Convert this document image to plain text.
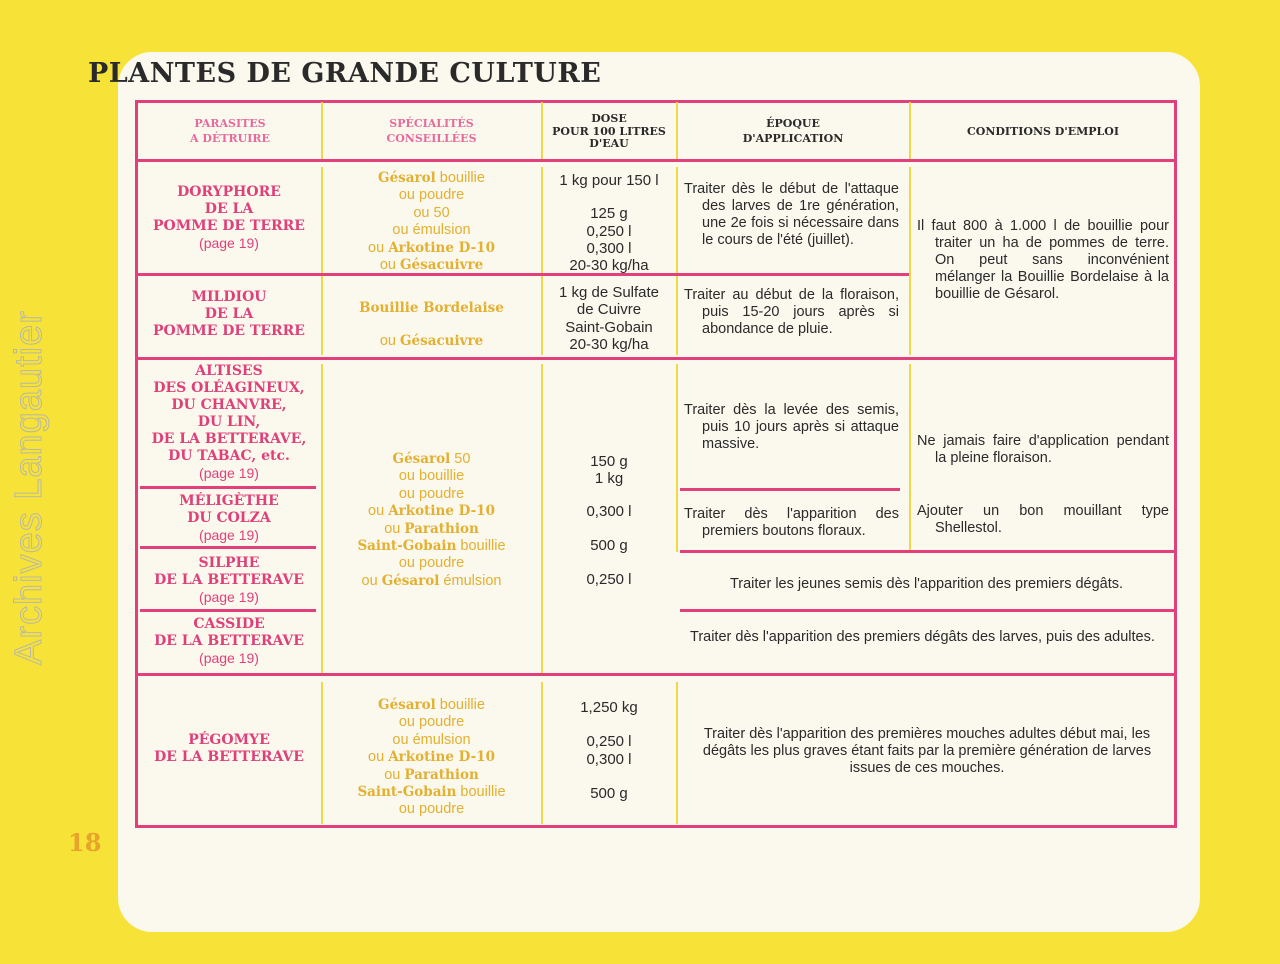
PLANTES DE GRANDE CULTURE
Archives Langautier
18
PARASITES
A DÉTRUIRE
SPÉCIALITÉS
CONSEILLÉES
DOSE
POUR 100 LITRES
D'EAU
ÉPOQUE
D'APPLICATION
CONDITIONS D'EMPLOI
DORYPHORE
DE LA
POMME DE TERRE
(page 19)
Gésarol bouillie
ou poudre
ou 50
ou émulsion
ou Arkotine D-10
ou Gésacuivre
1 kg pour 150 l
125 g
0,250 l
0,300 l
20-30 kg/ha
Traiter dès le début de l'attaque des larves de 1re génération, une 2e fois si nécessaire dans le cours de l'été (juillet).
MILDIOU
DE LA
POMME DE TERRE
Bouillie Bordelaise
ou Gésacuivre
1 kg de Sulfate
de Cuivre
Saint-Gobain
20-30 kg/ha
Traiter au début de la floraison, puis 15-20 jours après si abondance de pluie.
Il faut 800 à 1.000 l de bouillie pour traiter un ha de pommes de terre. On peut sans inconvénient mélanger la Bouillie Bordelaise à la bouillie de Gésarol.
ALTISES
DES OLÉAGINEUX,
DU CHANVRE,
DU LIN,
DE LA BETTERAVE,
DU TABAC, etc.
(page 19)
Traiter dès la levée des semis, puis 10 jours après si attaque massive.	Ne jamais faire d'application pendant la pleine floraison.
MÉLIGÈTHE
DU COLZA
(page 19)
Traiter dès l'apparition des premiers boutons floraux.
Ajouter un bon mouillant type Shellestol.
SILPHE
DE LA BETTERAVE
(page 19)
Traiter les jeunes semis dès l'apparition des premiers dégâts.
CASSIDE
DE LA BETTERAVE
(page 19)
Traiter dès l'apparition des premiers dégâts des larves, puis des adultes.
Gésarol 50
ou bouillie
ou poudre
ou Arkotine D-10
ou Parathion
Saint-Gobain bouillie
ou poudre
ou Gésarol émulsion
150 g
1 kg
0,300 l
500 g
0,250 l
PÉGOMYE
DE LA BETTERAVE
Gésarol bouillie
ou poudre
ou émulsion
ou Arkotine D-10
ou Parathion
Saint-Gobain bouillie
ou poudre
1,250 kg
0,250 l
0,300 l
500 g
Traiter dès l'apparition des premières mouches adultes début mai, les dégâts les plus graves étant faits par la première génération de larves issues de ces mouches.
